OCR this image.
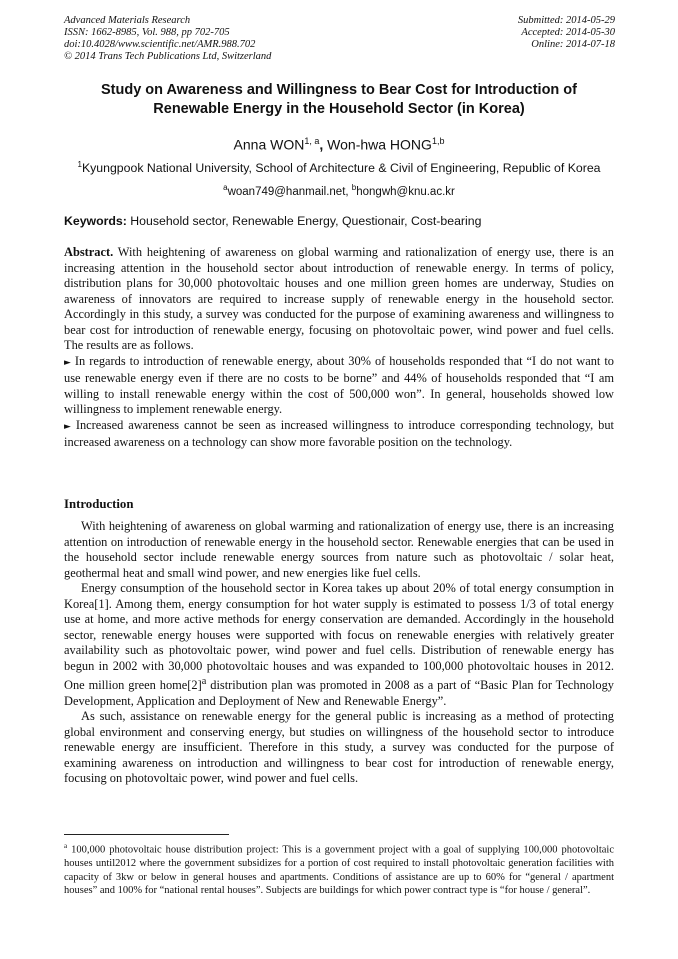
Advanced Materials Research
ISSN: 1662-8985, Vol. 988, pp 702-705
doi:10.4028/www.scientific.net/AMR.988.702
© 2014 Trans Tech Publications Ltd, Switzerland
Submitted: 2014-05-29
Accepted: 2014-05-30
Online: 2014-07-18
Study on Awareness and Willingness to Bear Cost for Introduction of
Renewable Energy in the Household Sector (in Korea)
Anna WON$^{1, a}$, Won-hwa HONG$^{1,b}$
$^1$Kyungpook National University, School of Architecture & Civil of Engineering, Republic of Korea
$^a$woan749@hanmail.net, $^b$hongwh@knu.ac.kr
Keywords: Household sector, Renewable Energy, Questionair, Cost-bearing

Abstract. With heightening of awareness on global warming and rationalization of energy use, there is an increasing attention in the household sector about introduction of renewable energy. In terms of policy, distribution plans for 30,000 photovoltaic houses and one million green homes are underway, Studies on awareness of innovators are required to increase supply of renewable energy in the household sector. Accordingly in this study, a survey was conducted for the purpose of examining awareness and willingness to bear cost for introduction of renewable energy, focusing on photovoltaic power, wind power and fuel cells. The results are as follows.

► In regards to introduction of renewable energy, about 30% of households responded that “I do not want to use renewable energy even if there are no costs to be borne” and 44% of households responded that “I am willing to install renewable energy within the cost of 500,000 won”. In general, households showed low willingness to implement renewable energy.

► Increased awareness cannot be seen as increased willingness to introduce corresponding technology, but increased awareness on a technology can show more favorable position on the technology.

Introduction

With heightening of awareness on global warming and rationalization of energy use, there is an increasing attention on introduction of renewable energy in the household sector. Renewable energies that can be used in the household sector include renewable energy sources from nature such as photovoltaic / solar heat, geothermal heat and small wind power, and new energies like fuel cells.

Energy consumption of the household sector in Korea takes up about 20% of total energy consumption in Korea[1]. Among them, energy consumption for hot water supply is estimated to possess 1/3 of total energy use at home, and more active methods for energy conservation are demanded. Accordingly in the household sector, renewable energy houses were supported with focus on renewable energies with relatively greater availability such as photovoltaic power, wind power and fuel cells. Distribution of renewable energy has begun in 2002 with 30,000 photovoltaic houses and was expanded to 100,000 photovoltaic houses in 2012. One million green $home[2]^a$ distribution plan was promoted in 2008 as a part of “Basic Plan for Technology Development, Application and Deployment of New and Renewable Energy”.

As such, assistance on renewable energy for the general public is increasing as a method of protecting global environment and conserving energy, but studies on willingness of the household sector to introduce renewable energy are insufficient. Therefore in this study, a survey was conducted for the purpose of examining awareness on introduction and willingness to bear cost for introduction of renewable energy, focusing on photovoltaic power, wind power and fuel cells.

$^a$ 100,000 photovoltaic house distribution project: This is a government project with a goal of supplying 100,000 photovoltaic houses until2012 where the government subsidizes for a portion of cost required to install photovoltaic generation facilities with capacity of 3kw or below in general houses and apartments. Conditions of assistance are up to 60% for “general / apartment houses” and 100% for “national rental houses”. Subjects are buildings for which power contract type is “for house / general”.
